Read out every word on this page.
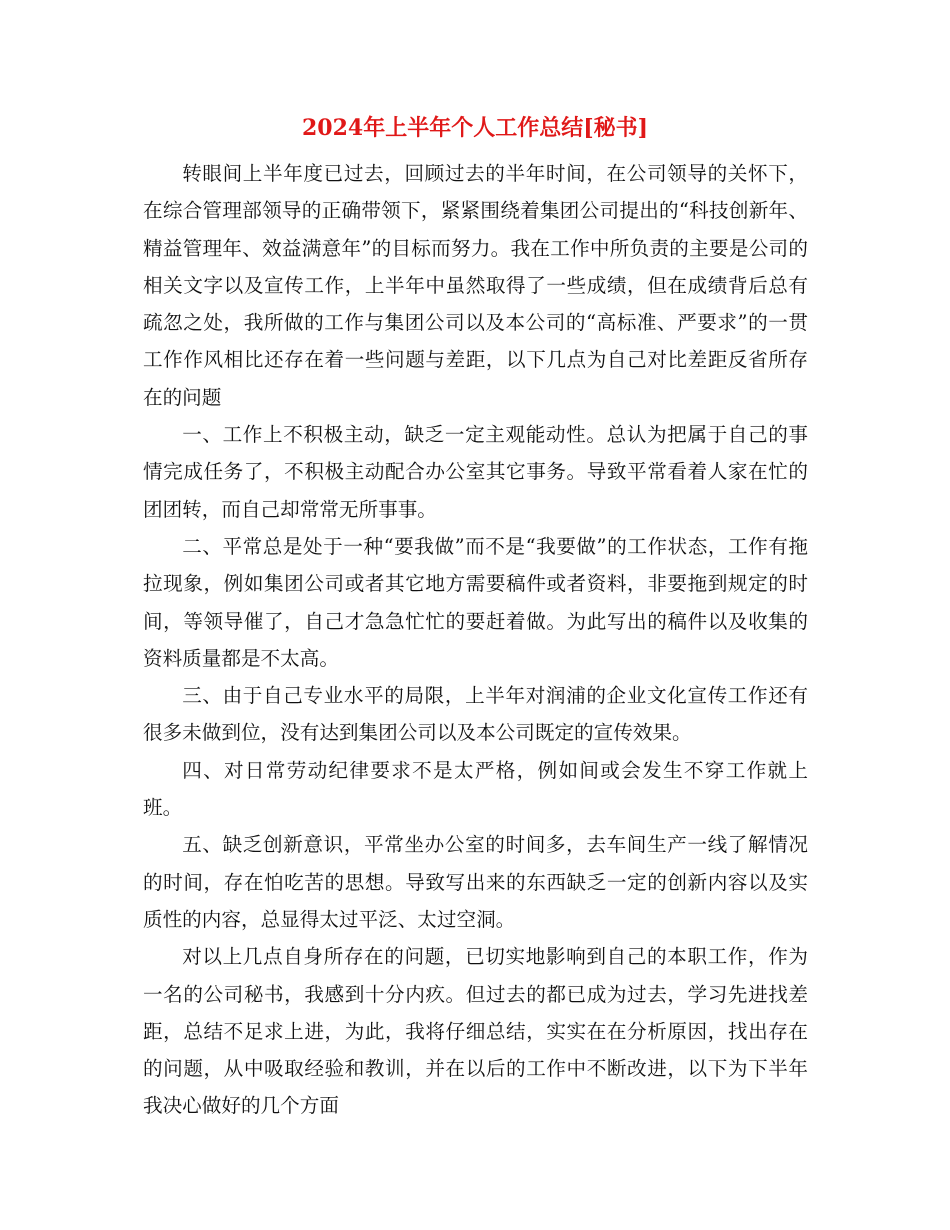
2024年上半年个人工作总结[秘书]

转眼间上半年度已过去，回顾过去的半年时间，在公司领导的关怀下，在综合管理部领导的正确带领下，紧紧围绕着集团公司提出的“科技创新年、精益管理年、效益满意年”的目标而努力。我在工作中所负责的主要是公司的相关文字以及宣传工作，上半年中虽然取得了一些成绩，但在成绩背后总有疏忽之处，我所做的工作与集团公司以及本公司的“高标准、严要求”的一贯工作作风相比还存在着一些问题与差距，以下几点为自己对比差距反省所存在的问题

一、工作上不积极主动，缺乏一定主观能动性。总认为把属于自己的事情完成任务了，不积极主动配合办公室其它事务。导致平常看着人家在忙的团团转，而自己却常常无所事事。

二、平常总是处于一种“要我做”而不是“我要做”的工作状态，工作有拖拉现象，例如集团公司或者其它地方需要稿件或者资料，非要拖到规定的时间，等领导催了，自己才急急忙忙的要赶着做。为此写出的稿件以及收集的资料质量都是不太高。

三、由于自己专业水平的局限，上半年对润浦的企业文化宣传工作还有很多未做到位，没有达到集团公司以及本公司既定的宣传效果。

四、对日常劳动纪律要求不是太严格，例如间或会发生不穿工作就上班。

五、缺乏创新意识，平常坐办公室的时间多，去车间生产一线了解情况的时间，存在怕吃苦的思想。导致写出来的东西缺乏一定的创新内容以及实质性的内容，总显得太过平泛、太过空洞。

对以上几点自身所存在的问题，已切实地影响到自己的本职工作，作为一名的公司秘书，我感到十分内疚。但过去的都已成为过去，学习先进找差距，总结不足求上进，为此，我将仔细总结，实实在在分析原因，找出存在的问题，从中吸取经验和教训，并在以后的工作中不断改进，以下为下半年我决心做好的几个方面
